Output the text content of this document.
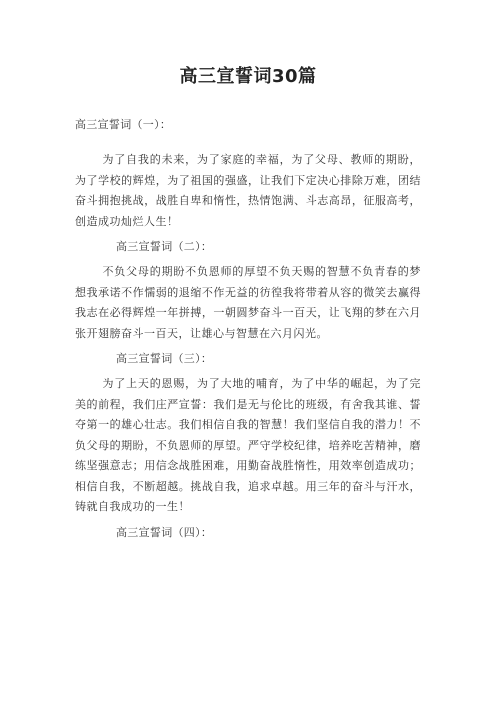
高三宣誓词30篇

高三宣誓词（一）：

为了自我的未来，为了家庭的幸福，为了父母、教师的期盼，为了学校的辉煌，为了祖国的强盛，让我们下定决心排除万难，团结奋斗拥抱挑战，战胜自卑和惰性，热情饱满、斗志高昂，征服高考，创造成功灿烂人生！

高三宣誓词（二）：

不负父母的期盼不负恩师的厚望不负天赐的智慧不负青春的梦想我承诺不作懦弱的退缩不作无益的彷徨我将带着从容的微笑去赢得我志在必得辉煌一年拼搏，一朝圆梦奋斗一百天，让飞翔的梦在六月张开翅膀奋斗一百天，让雄心与智慧在六月闪光。

高三宣誓词（三）：

为了上天的恩赐，为了大地的哺育，为了中华的崛起，为了完美的前程，我们庄严宣誓：我们是无与伦比的班级，有舍我其谁、誓夺第一的雄心壮志。我们相信自我的智慧！我们坚信自我的潜力！不负父母的期盼，不负恩师的厚望。严守学校纪律，培养吃苦精神，磨练坚强意志；用信念战胜困难，用勤奋战胜惰性，用效率创造成功；相信自我，不断超越。挑战自我，追求卓越。用三年的奋斗与汗水，铸就自我成功的一生！

高三宣誓词（四）：
